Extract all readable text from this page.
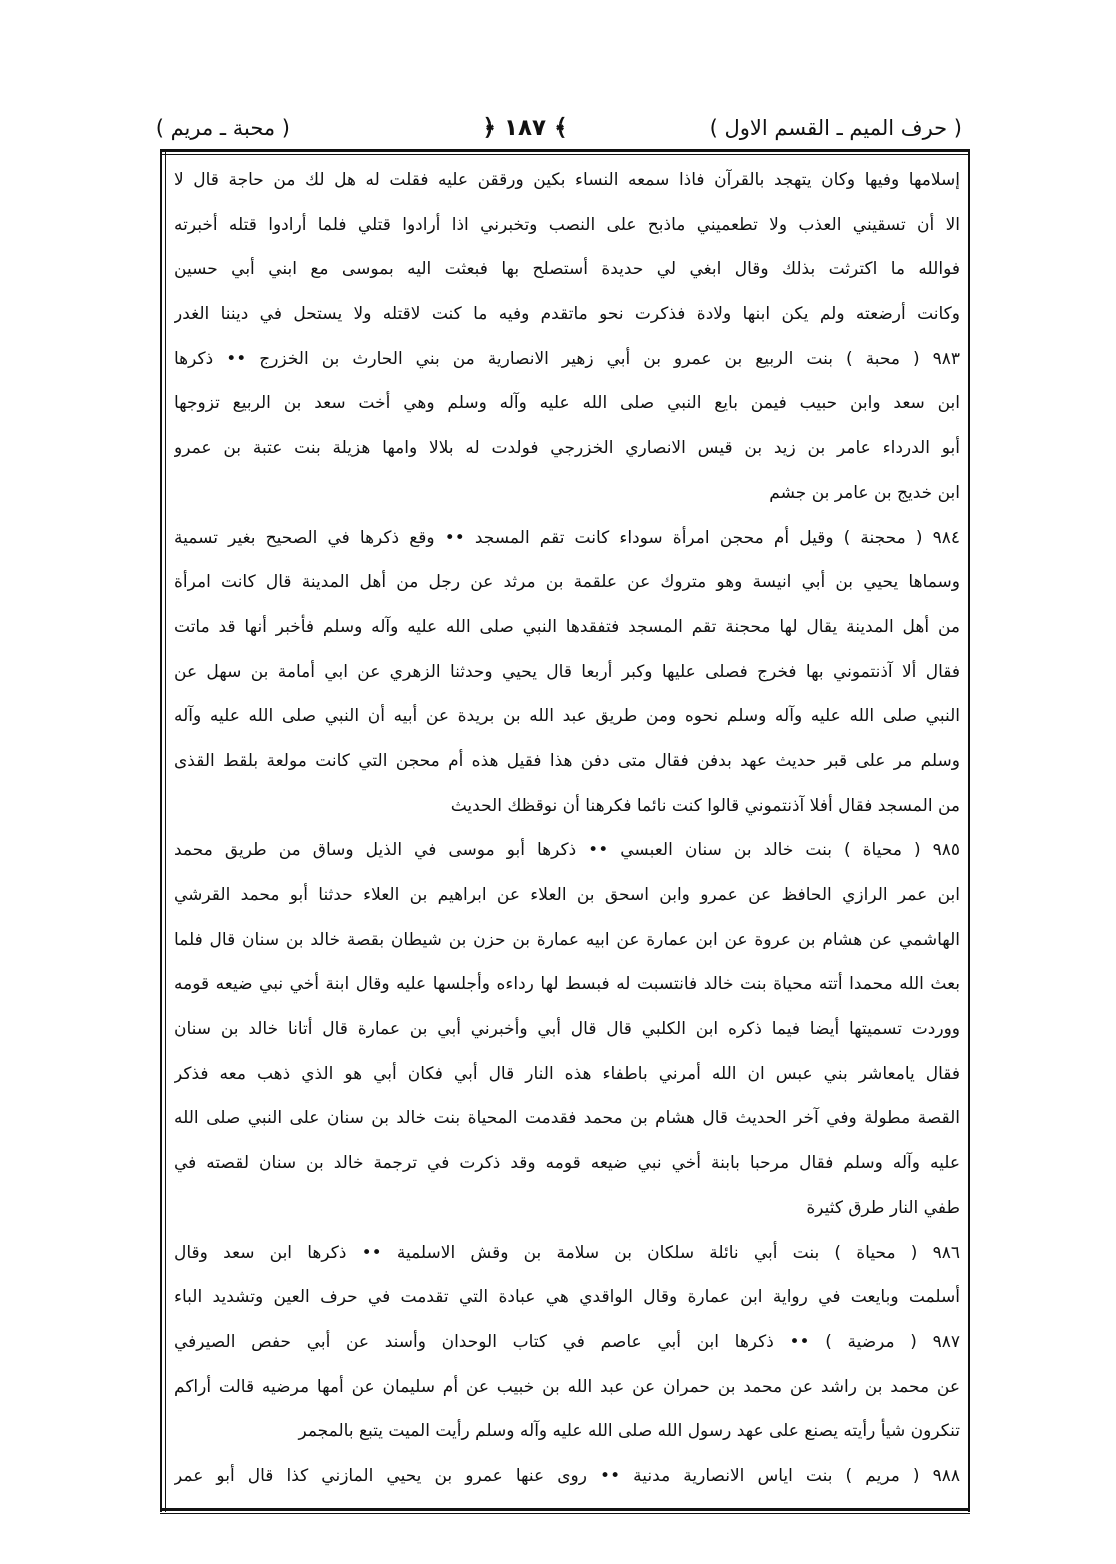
( حرف الميم ـ القسم الاول )
﴾ ١٨٧ ﴿
( محبة ـ مريم )
إسلامها وفيها وكان يتهجد بالقرآن فاذا سمعه النساء بكين ورققن عليه فقلت له هل لك من حاجة قال لا
الا أن تسقيني العذب ولا تطعميني ماذبح على النصب وتخبرني اذا أرادوا قتلي فلما أرادوا قتله أخبرته
فوالله ما اكترثت بذلك وقال ابغي لي حديدة أستصلح بها فبعثت اليه بموسى مع ابني أبي حسين
وكانت أرضعته ولم يكن ابنها ولادة فذكرت نحو ماتقدم وفيه ما كنت لاقتله ولا يستحل في ديننا الغدر
٩٨٣ ( محبة ) بنت الربيع بن عمرو بن أبي زهير الانصارية من بني الحارث بن الخزرج •• ذكرها
ابن سعد وابن حبيب فيمن بايع النبي صلى الله عليه وآله وسلم وهي أخت سعد بن الربيع تزوجها
أبو الدرداء عامر بن زيد بن قيس الانصاري الخزرجي فولدت له بلالا وامها هزيلة بنت عتبة بن عمرو
ابن خديج بن عامر بن جشم
٩٨٤ ( محجنة ) وقيل أم محجن امرأة سوداء كانت تقم المسجد •• وقع ذكرها في الصحيح بغير تسمية
وسماها يحيي بن أبي انيسة وهو متروك عن علقمة بن مرثد عن رجل من أهل المدينة قال كانت امرأة
من أهل المدينة يقال لها محجنة تقم المسجد فتفقدها النبي صلى الله عليه وآله وسلم فأخبر أنها قد ماتت
فقال ألا آذنتموني بها فخرج فصلى عليها وكبر أربعا قال يحيي وحدثنا الزهري عن ابي أمامة بن سهل عن
النبي صلى الله عليه وآله وسلم نحوه ومن طريق عبد الله بن بريدة عن أبيه أن النبي صلى الله عليه وآله
وسلم مر على قبر حديث عهد بدفن فقال متى دفن هذا فقيل هذه أم محجن التي كانت مولعة بلقط القذى
من المسجد فقال أفلا آذنتموني قالوا كنت نائما فكرهنا أن نوقظك الحديث
٩٨٥ ( محياة ) بنت خالد بن سنان العبسي •• ذكرها أبو موسى في الذيل وساق من طريق محمد
ابن عمر الرازي الحافظ عن عمرو وابن اسحق بن العلاء عن ابراهيم بن العلاء حدثنا أبو محمد القرشي
الهاشمي عن هشام بن عروة عن ابن عمارة عن ابيه عمارة بن حزن بن شيطان بقصة خالد بن سنان قال فلما
بعث الله محمدا أتته محياة بنت خالد فانتسبت له فبسط لها رداءه وأجلسها عليه وقال ابنة أخي نبي ضيعه قومه
ووردت تسميتها أيضا فيما ذكره ابن الكلبي قال قال أبي وأخبرني أبي بن عمارة قال أتانا خالد بن سنان
فقال يامعاشر بني عبس ان الله أمرني باطفاء هذه النار قال أبي فكان أبي هو الذي ذهب معه فذكر
القصة مطولة وفي آخر الحديث قال هشام بن محمد فقدمت المحياة بنت خالد بن سنان على النبي صلى الله
عليه وآله وسلم فقال مرحبا بابنة أخي نبي ضيعه قومه وقد ذكرت في ترجمة خالد بن سنان لقصته في
طفي النار طرق كثيرة
٩٨٦ ( محياة ) بنت أبي نائلة سلكان بن سلامة بن وقش الاسلمية •• ذكرها ابن سعد وقال
أسلمت وبايعت في رواية ابن عمارة وقال الواقدي هي عبادة التي تقدمت في حرف العين وتشديد الباء
٩٨٧ ( مرضية ) •• ذكرها ابن أبي عاصم في كتاب الوحدان وأسند عن أبي حفص الصيرفي
عن محمد بن راشد عن محمد بن حمران عن عبد الله بن خبيب عن أم سليمان عن أمها مرضيه قالت أراكم
تنكرون شيأ رأيته يصنع على عهد رسول الله صلى الله عليه وآله وسلم رأيت الميت يتبع بالمجمر
٩٨٨ ( مريم ) بنت اياس الانصارية مدنية •• روى عنها عمرو بن يحيي المازني كذا قال أبو عمر
